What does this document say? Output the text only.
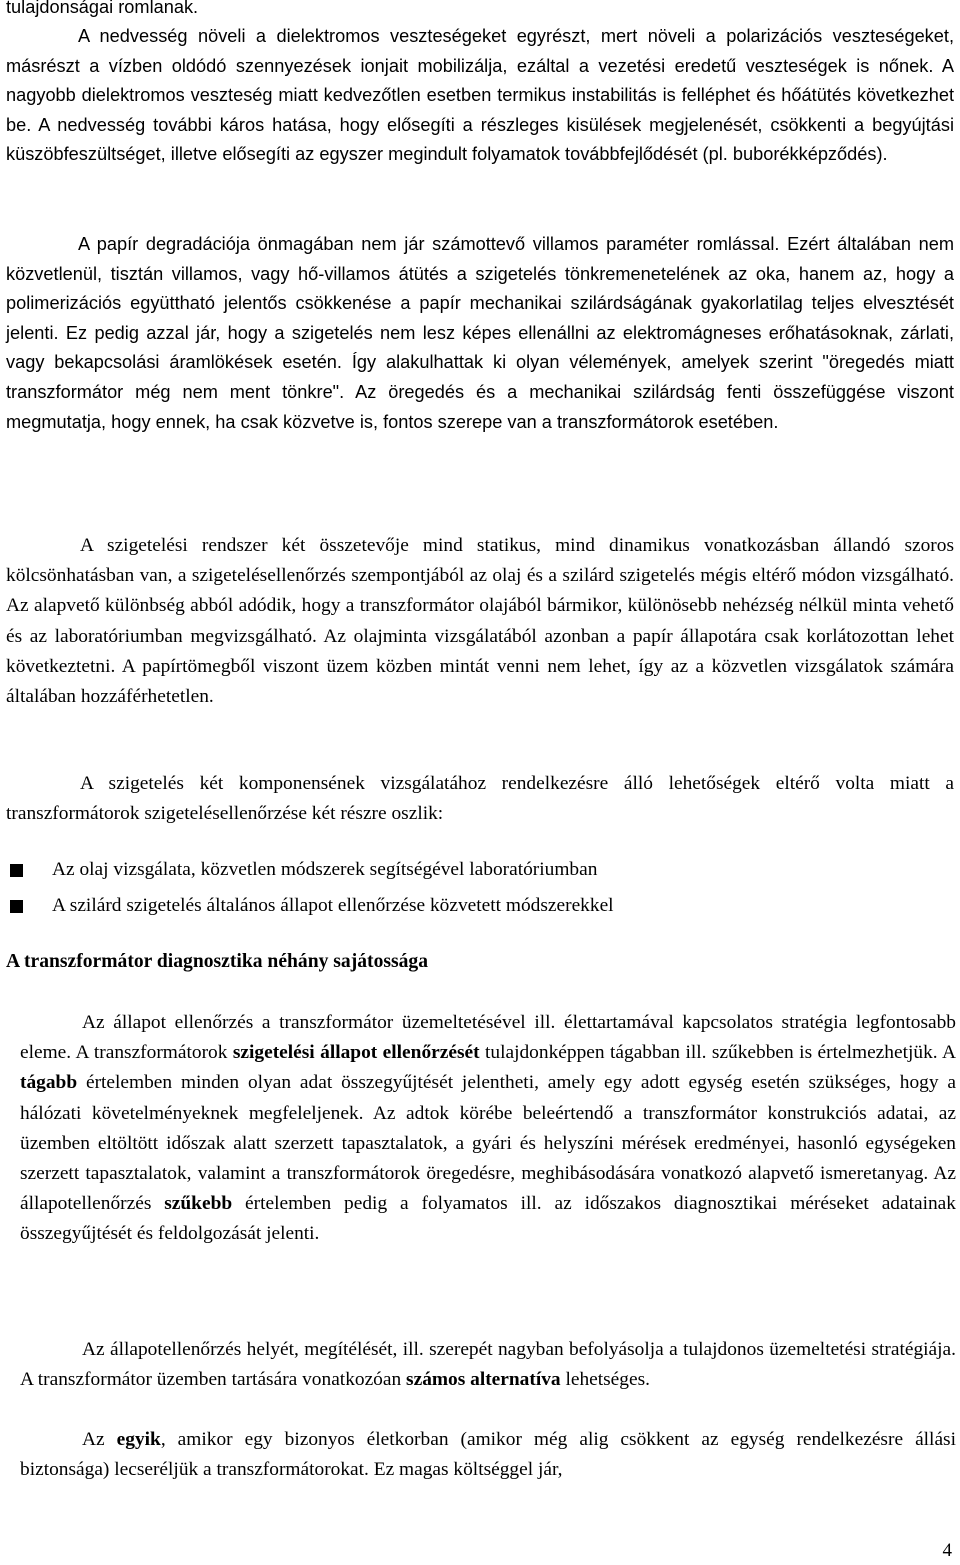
tulajdonságai romlanak.

A nedvesség növeli a dielektromos veszteségeket egyrészt, mert növeli a polarizációs veszteségeket, másrészt a vízben oldódó szennyezések ionjait mobilizálja, ezáltal a vezetési eredetű veszteségek is nőnek. A nagyobb dielektromos veszteség miatt kedvezőtlen esetben termikus instabilitás is felléphet és hőátütés következhet be. A nedvesség további káros hatása, hogy elősegíti a részleges kisülések megjelenését, csökkenti a begyújtási küszöbfeszültséget, illetve elősegíti az egyszer megindult folyamatok továbbfejlődését (pl. buborékképződés).

A papír degradációja önmagában nem jár számottevő villamos paraméter romlással. Ezért általában nem közvetlenül, tisztán villamos, vagy hő-villamos átütés a szigetelés tönkremenetelének az oka, hanem az, hogy a polimerizációs együttható jelentős csökkenése a papír mechanikai szilárdságának gyakorlatilag teljes elvesztését jelenti. Ez pedig azzal jár, hogy a szigetelés nem lesz képes ellenállni az elektromágneses erőhatásoknak, zárlati, vagy bekapcsolási áramlökések esetén. Így alakulhattak ki olyan vélemények, amelyek szerint "öregedés miatt transzformátor még nem ment tönkre". Az öregedés és a mechanikai szilárdság fenti összefüggése viszont megmutatja, hogy ennek, ha csak közvetve is, fontos szerepe van a transzformátorok esetében.

A szigetelési rendszer két összetevője mind statikus, mind dinamikus vonatkozásban állandó szoros kölcsönhatásban van, a szigetelésellenőrzés szempontjából az olaj és a szilárd szigetelés mégis eltérő módon vizsgálható. Az alapvető különbség abból adódik, hogy a transzformátor olajából bármikor, különösebb nehézség nélkül minta vehető és az laboratóriumban megvizsgálható. Az olajminta vizsgálatából azonban a papír állapotára csak korlátozottan lehet következtetni. A papírtömegből viszont üzem közben mintát venni nem lehet, így az a közvetlen vizsgálatok számára általában hozzáférhetetlen.

A szigetelés két komponensének vizsgálatához rendelkezésre álló lehetőségek eltérő volta miatt a transzformátorok szigetelésellenőrzése két részre oszlik:

Az olaj vizsgálata, közvetlen módszerek segítségével laboratóriumban
A szilárd szigetelés általános állapot ellenőrzése közvetett módszerekkel
A transzformátor diagnosztika néhány sajátossága

Az állapot ellenőrzés a transzformátor üzemeltetésével ill. élettartamával kapcsolatos stratégia legfontosabb eleme. A transzformátorok szigetelési állapot ellenőrzését tulajdonképpen tágabban ill. szűkebben is értelmezhetjük. A tágabb értelemben minden olyan adat összegyűjtését jelentheti, amely egy adott egység esetén szükséges, hogy a hálózati követelményeknek megfeleljenek. Az adtok körébe beleértendő a transzformátor konstrukciós adatai, az üzemben eltöltött időszak alatt szerzett tapasztalatok, a gyári és helyszíni mérések eredményei, hasonló egységeken szerzett tapasztalatok, valamint a transzformátorok öregedésre, meghibásodására vonatkozó alapvető ismeretanyag. Az állapotellenőrzés szűkebb értelemben pedig a folyamatos ill. az időszakos diagnosztikai méréseket adatainak összegyűjtését és feldolgozását jelenti.

Az állapotellenőrzés helyét, megítélését, ill. szerepét nagyban befolyásolja a tulajdonos üzemeltetési stratégiája. A transzformátor üzemben tartására vonatkozóan számos alternatíva lehetséges.

Az egyik, amikor egy bizonyos életkorban (amikor még alig csökkent az egység rendelkezésre állási biztonsága) lecseréljük a transzformátorokat. Ez magas költséggel jár,

4
